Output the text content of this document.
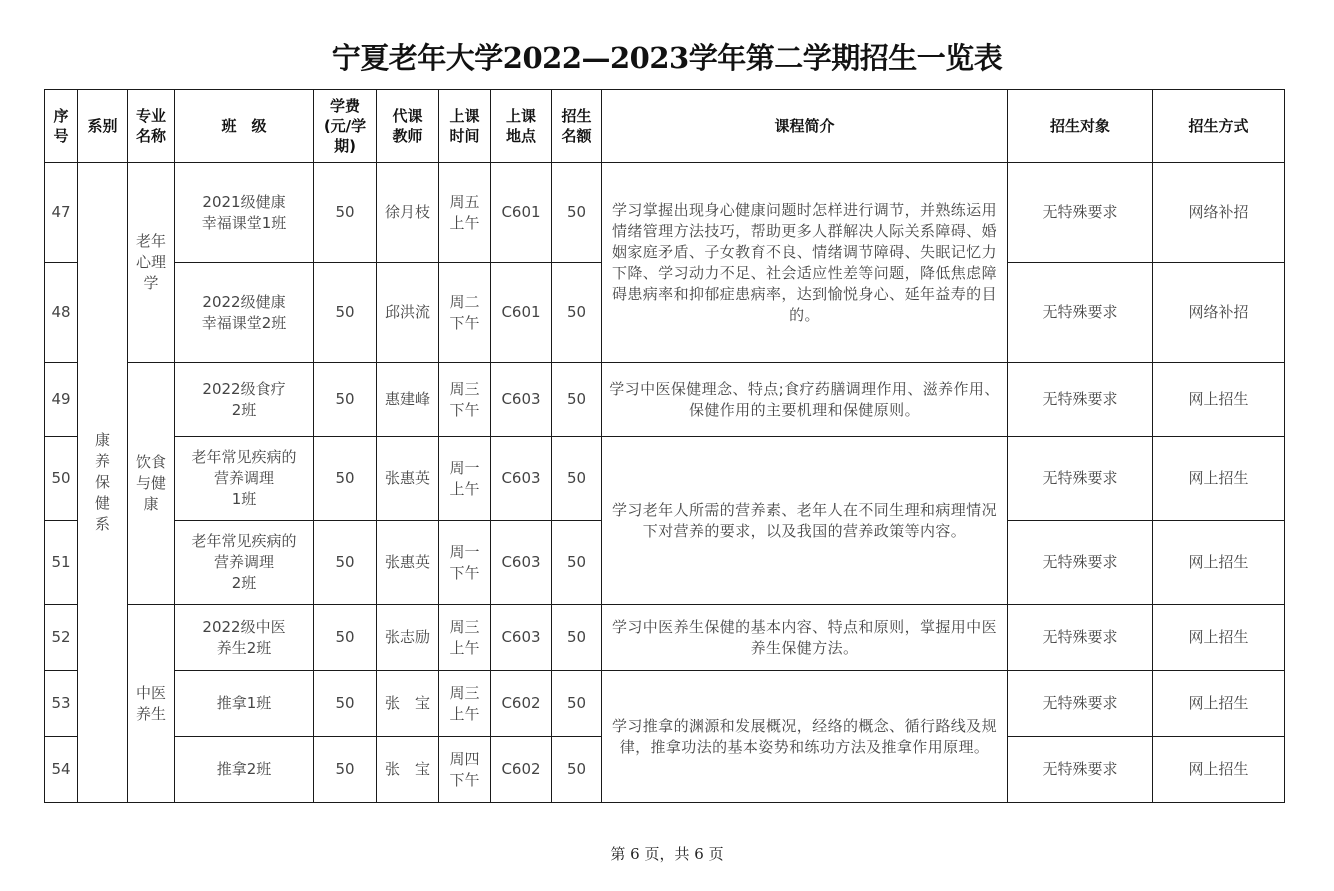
宁夏老年大学2022—2023学年第二学期招生一览表
序
号	系别	专业
名称	班　级	学费
(元/学
期)	代课
教师	上课
时间	上课
地点	招生
名额	课程简介	招生对象	招生方式
47	康
养
保
健
系	老年
心理
学	2021级健康
幸福课堂1班	50	徐月枝	周五
上午	C601	50	学习掌握出现身心健康问题时怎样进行调节，并熟练运用情绪管理方法技巧，帮助更多人群解决人际关系障碍、婚姻家庭矛盾、子女教育不良、情绪调节障碍、失眠记忆力下降、学习动力不足、社会适应性差等问题，降低焦虑障碍患病率和抑郁症患病率，达到愉悦身心、延年益寿的目的。	无特殊要求	网络补招
48			2022级健康
幸福课堂2班	50	邱洪流	周二
下午	C601	50		无特殊要求	网络补招
49		饮食
与健
康	2022级食疗
2班	50	惠建峰	周三
下午	C603	50	学习中医保健理念、特点;食疗药膳调理作用、滋养作用、保健作用的主要机理和保健原则。	无特殊要求	网上招生
50			老年常见疾病的
营养调理
1班	50	张惠英	周一
上午	C603	50	学习老年人所需的营养素、老年人在不同生理和病理情况下对营养的要求，以及我国的营养政策等内容。	无特殊要求	网上招生
51			老年常见疾病的
营养调理
2班	50	张惠英	周一
下午	C603	50		无特殊要求	网上招生
52		中医
养生	2022级中医
养生2班	50	张志励	周三
上午	C603	50	学习中医养生保健的基本内容、特点和原则，掌握用中医养生保健方法。	无特殊要求	网上招生
53			推拿1班	50	张　宝	周三
上午	C602	50	学习推拿的渊源和发展概况，经络的概念、循行路线及规律，推拿功法的基本姿势和练功方法及推拿作用原理。	无特殊要求	网上招生
54			推拿2班	50	张　宝	周四
下午	C602	50		无特殊要求	网上招生
第 6 页，共 6 页
